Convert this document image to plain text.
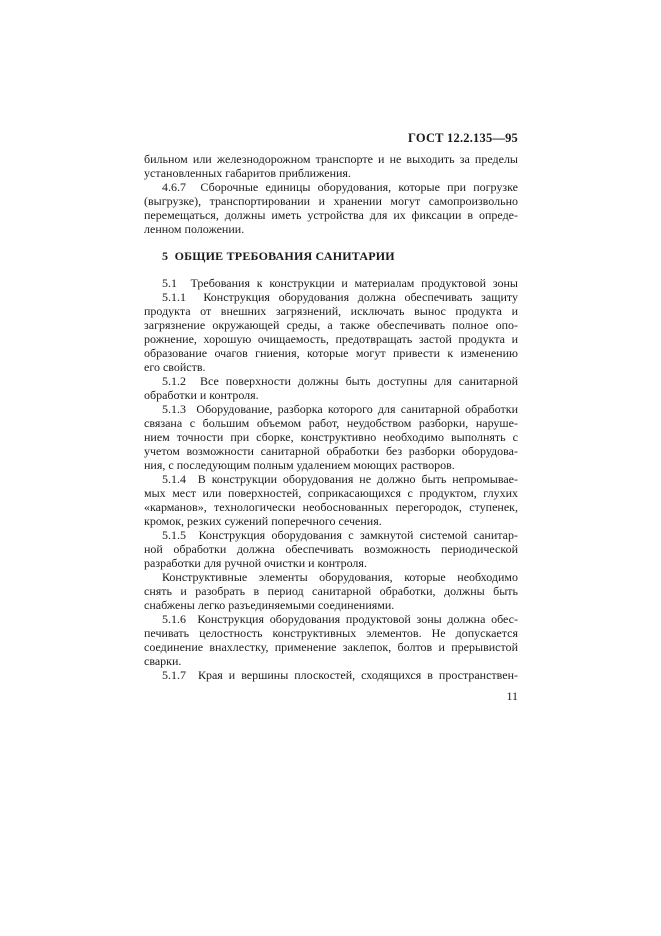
ГОСТ 12.2.135—95

бильном или железнодорожном транспорте и не выходить за пределы
установленных габаритов приближения.

4.6.7  Сборочные единицы оборудования, которые при погрузке
(выгрузке), транспортировании и хранении могут самопроизвольно
перемещаться, должны иметь устройства для их фиксации в опреде-
ленном положении.

5  ОБЩИЕ ТРЕБОВАНИЯ САНИТАРИИ

5.1  Требования к конструкции и материалам продуктовой зоны

5.1.1  Конструкция оборудования должна обеспечивать защиту
продукта от внешних загрязнений, исключать вынос продукта и
загрязнение окружающей среды, а также обеспечивать полное опо-
рожнение, хорошую очищаемость, предотвращать застой продукта и
образование очагов гниения, которые могут привести к изменению
его свойств.

5.1.2  Все поверхности должны быть доступны для санитарной
обработки и контроля.

5.1.3  Оборудование, разборка которого для санитарной обработки
связана с большим объемом работ, неудобством разборки, наруше-
нием точности при сборке, конструктивно необходимо выполнять с
учетом возможности санитарной обработки без разборки оборудова-
ния, с последующим полным удалением моющих растворов.

5.1.4  В конструкции оборудования не должно быть непромывае-
мых мест или поверхностей, соприкасающихся с продуктом, глухих
«карманов», технологически необоснованных перегородок, ступенек,
кромок, резких сужений поперечного сечения.

5.1.5  Конструкция оборудования с замкнутой системой санитар-
ной обработки должна обеспечивать возможность периодической
разработки для ручной очистки и контроля.

Конструктивные элементы оборудования, которые необходимо
снять и разобрать в период санитарной обработки, должны быть
снабжены легко разъединяемыми соединениями.

5.1.6  Конструкция оборудования продуктовой зоны должна обес-
печивать целостность конструктивных элементов. Не допускается
соединение внахлестку, применение заклепок, болтов и прерывистой
сварки.

5.1.7  Края и вершины плоскостей, сходящихся в пространствен-

11
